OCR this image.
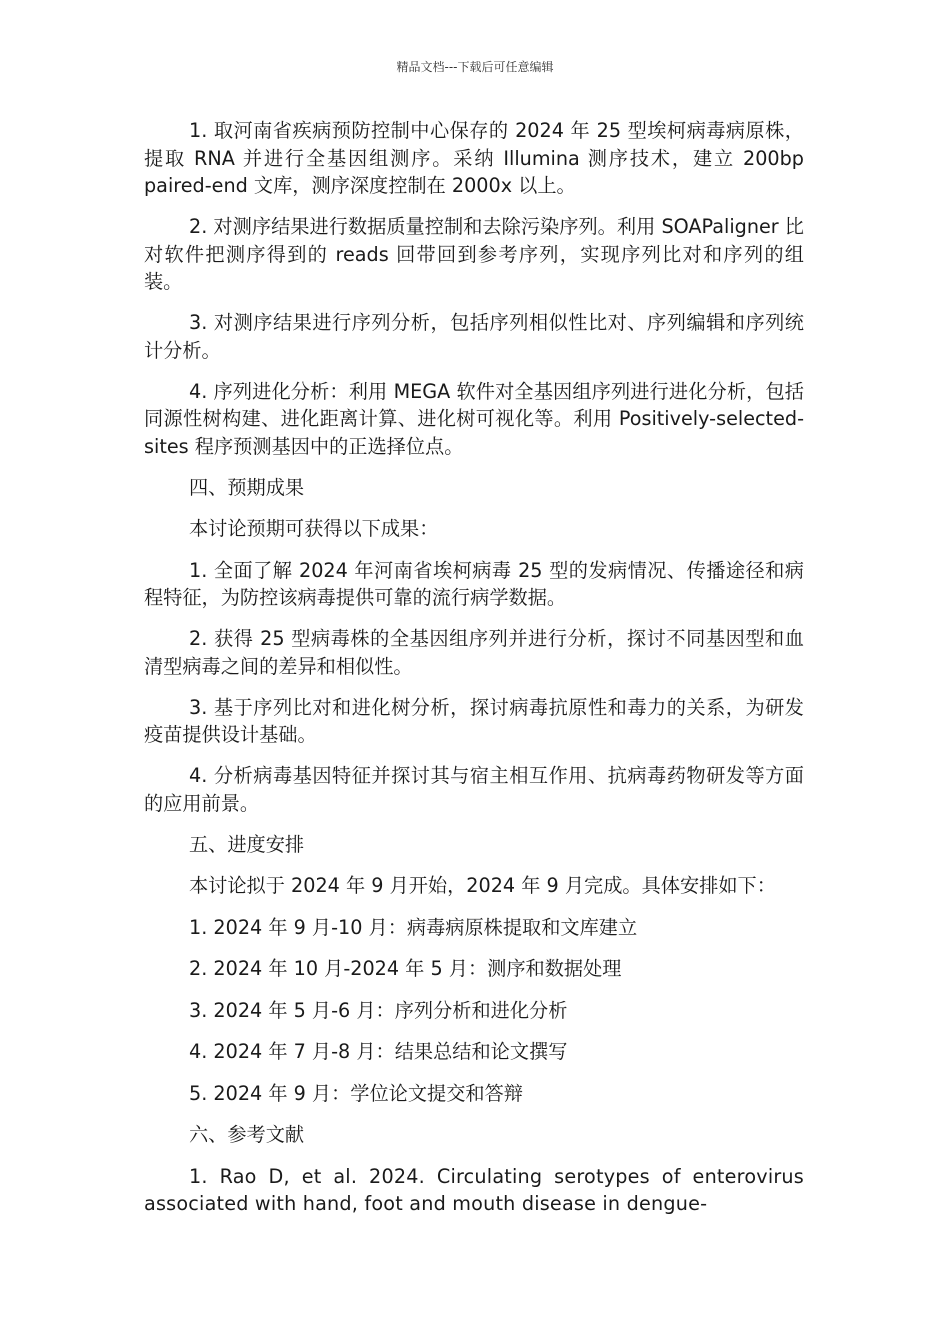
精品文档---下载后可任意编辑

1. 取河南省疾病预防控制中心保存的 2024 年 25 型埃柯病毒病原株，提取 RNA 并进行全基因组测序。采纳 Illumina 测序技术，建立 200bp paired-end 文库，测序深度控制在 2000x 以上。

2. 对测序结果进行数据质量控制和去除污染序列。利用 SOAPaligner 比对软件把测序得到的 reads 回带回到参考序列，实现序列比对和序列的组装。

3. 对测序结果进行序列分析，包括序列相似性比对、序列编辑和序列统计分析。

4. 序列进化分析：利用 MEGA 软件对全基因组序列进行进化分析，包括同源性树构建、进化距离计算、进化树可视化等。利用 Positively-selected-sites 程序预测基因中的正选择位点。

四、预期成果

本讨论预期可获得以下成果：

1. 全面了解 2024 年河南省埃柯病毒 25 型的发病情况、传播途径和病程特征，为防控该病毒提供可靠的流行病学数据。

2. 获得 25 型病毒株的全基因组序列并进行分析，探讨不同基因型和血清型病毒之间的差异和相似性。

3. 基于序列比对和进化树分析，探讨病毒抗原性和毒力的关系，为研发疫苗提供设计基础。

4. 分析病毒基因特征并探讨其与宿主相互作用、抗病毒药物研发等方面的应用前景。

五、进度安排

本讨论拟于 2024 年 9 月开始，2024 年 9 月完成。具体安排如下：

1. 2024 年 9 月-10 月：病毒病原株提取和文库建立

2. 2024 年 10 月-2024 年 5 月：测序和数据处理

3. 2024 年 5 月-6 月：序列分析和进化分析

4. 2024 年 7 月-8 月：结果总结和论文撰写

5. 2024 年 9 月：学位论文提交和答辩

六、参考文献

1. Rao D, et al. 2024. Circulating serotypes of enterovirus associated with hand, foot and mouth disease in dengue-
